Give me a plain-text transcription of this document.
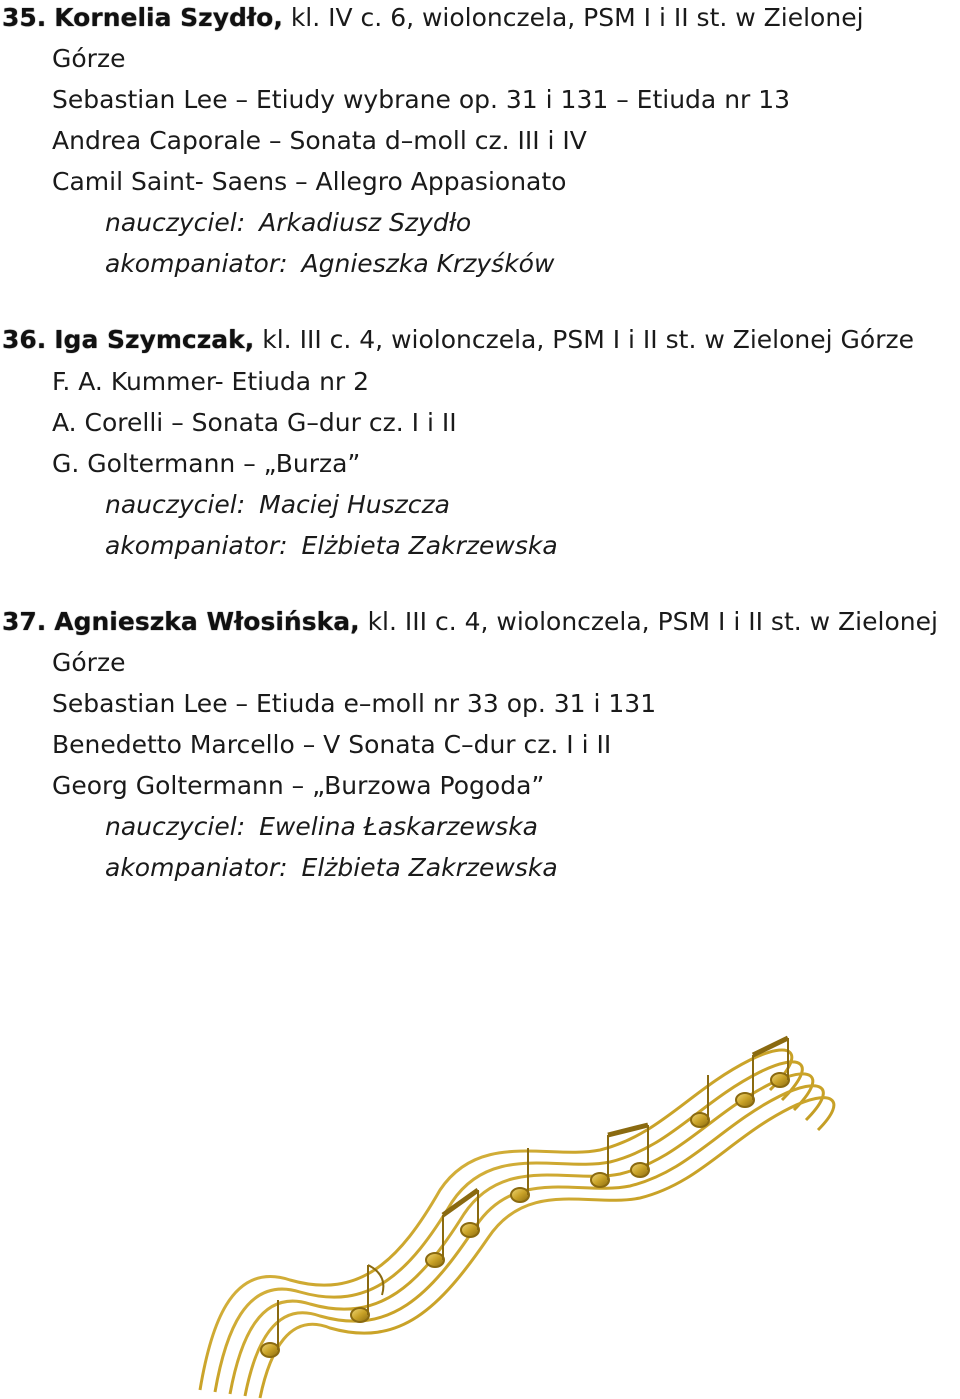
35. Kornelia Szydło, kl. IV c. 6, wiolonczela, PSM I i II st. w Zielonej
Górze
Sebastian Lee – Etiudy wybrane op. 31 i 131 – Etiuda nr 13
Andrea Caporale – Sonata d–moll cz. III i IV
Camil Saint- Saens – Allegro Appasionato
nauczyciel: Arkadiusz Szydło
akompaniator: Agnieszka Krzyśków
36. Iga Szymczak, kl. III c. 4, wiolonczela, PSM I i II st. w Zielonej Górze
F. A. Kummer- Etiuda nr 2
A. Corelli – Sonata G–dur cz. I i II
G. Goltermann – „Burza”
nauczyciel: Maciej Huszcza
akompaniator: Elżbieta Zakrzewska
37. Agnieszka Włosińska, kl. III c. 4, wiolonczela, PSM I i II st. w Zielonej
Górze
Sebastian Lee – Etiuda e–moll nr 33 op. 31 i 131
Benedetto Marcello – V Sonata C–dur cz. I i II
Georg Goltermann – „Burzowa Pogoda”
nauczyciel: Ewelina Łaskarzewska
akompaniator: Elżbieta Zakrzewska
